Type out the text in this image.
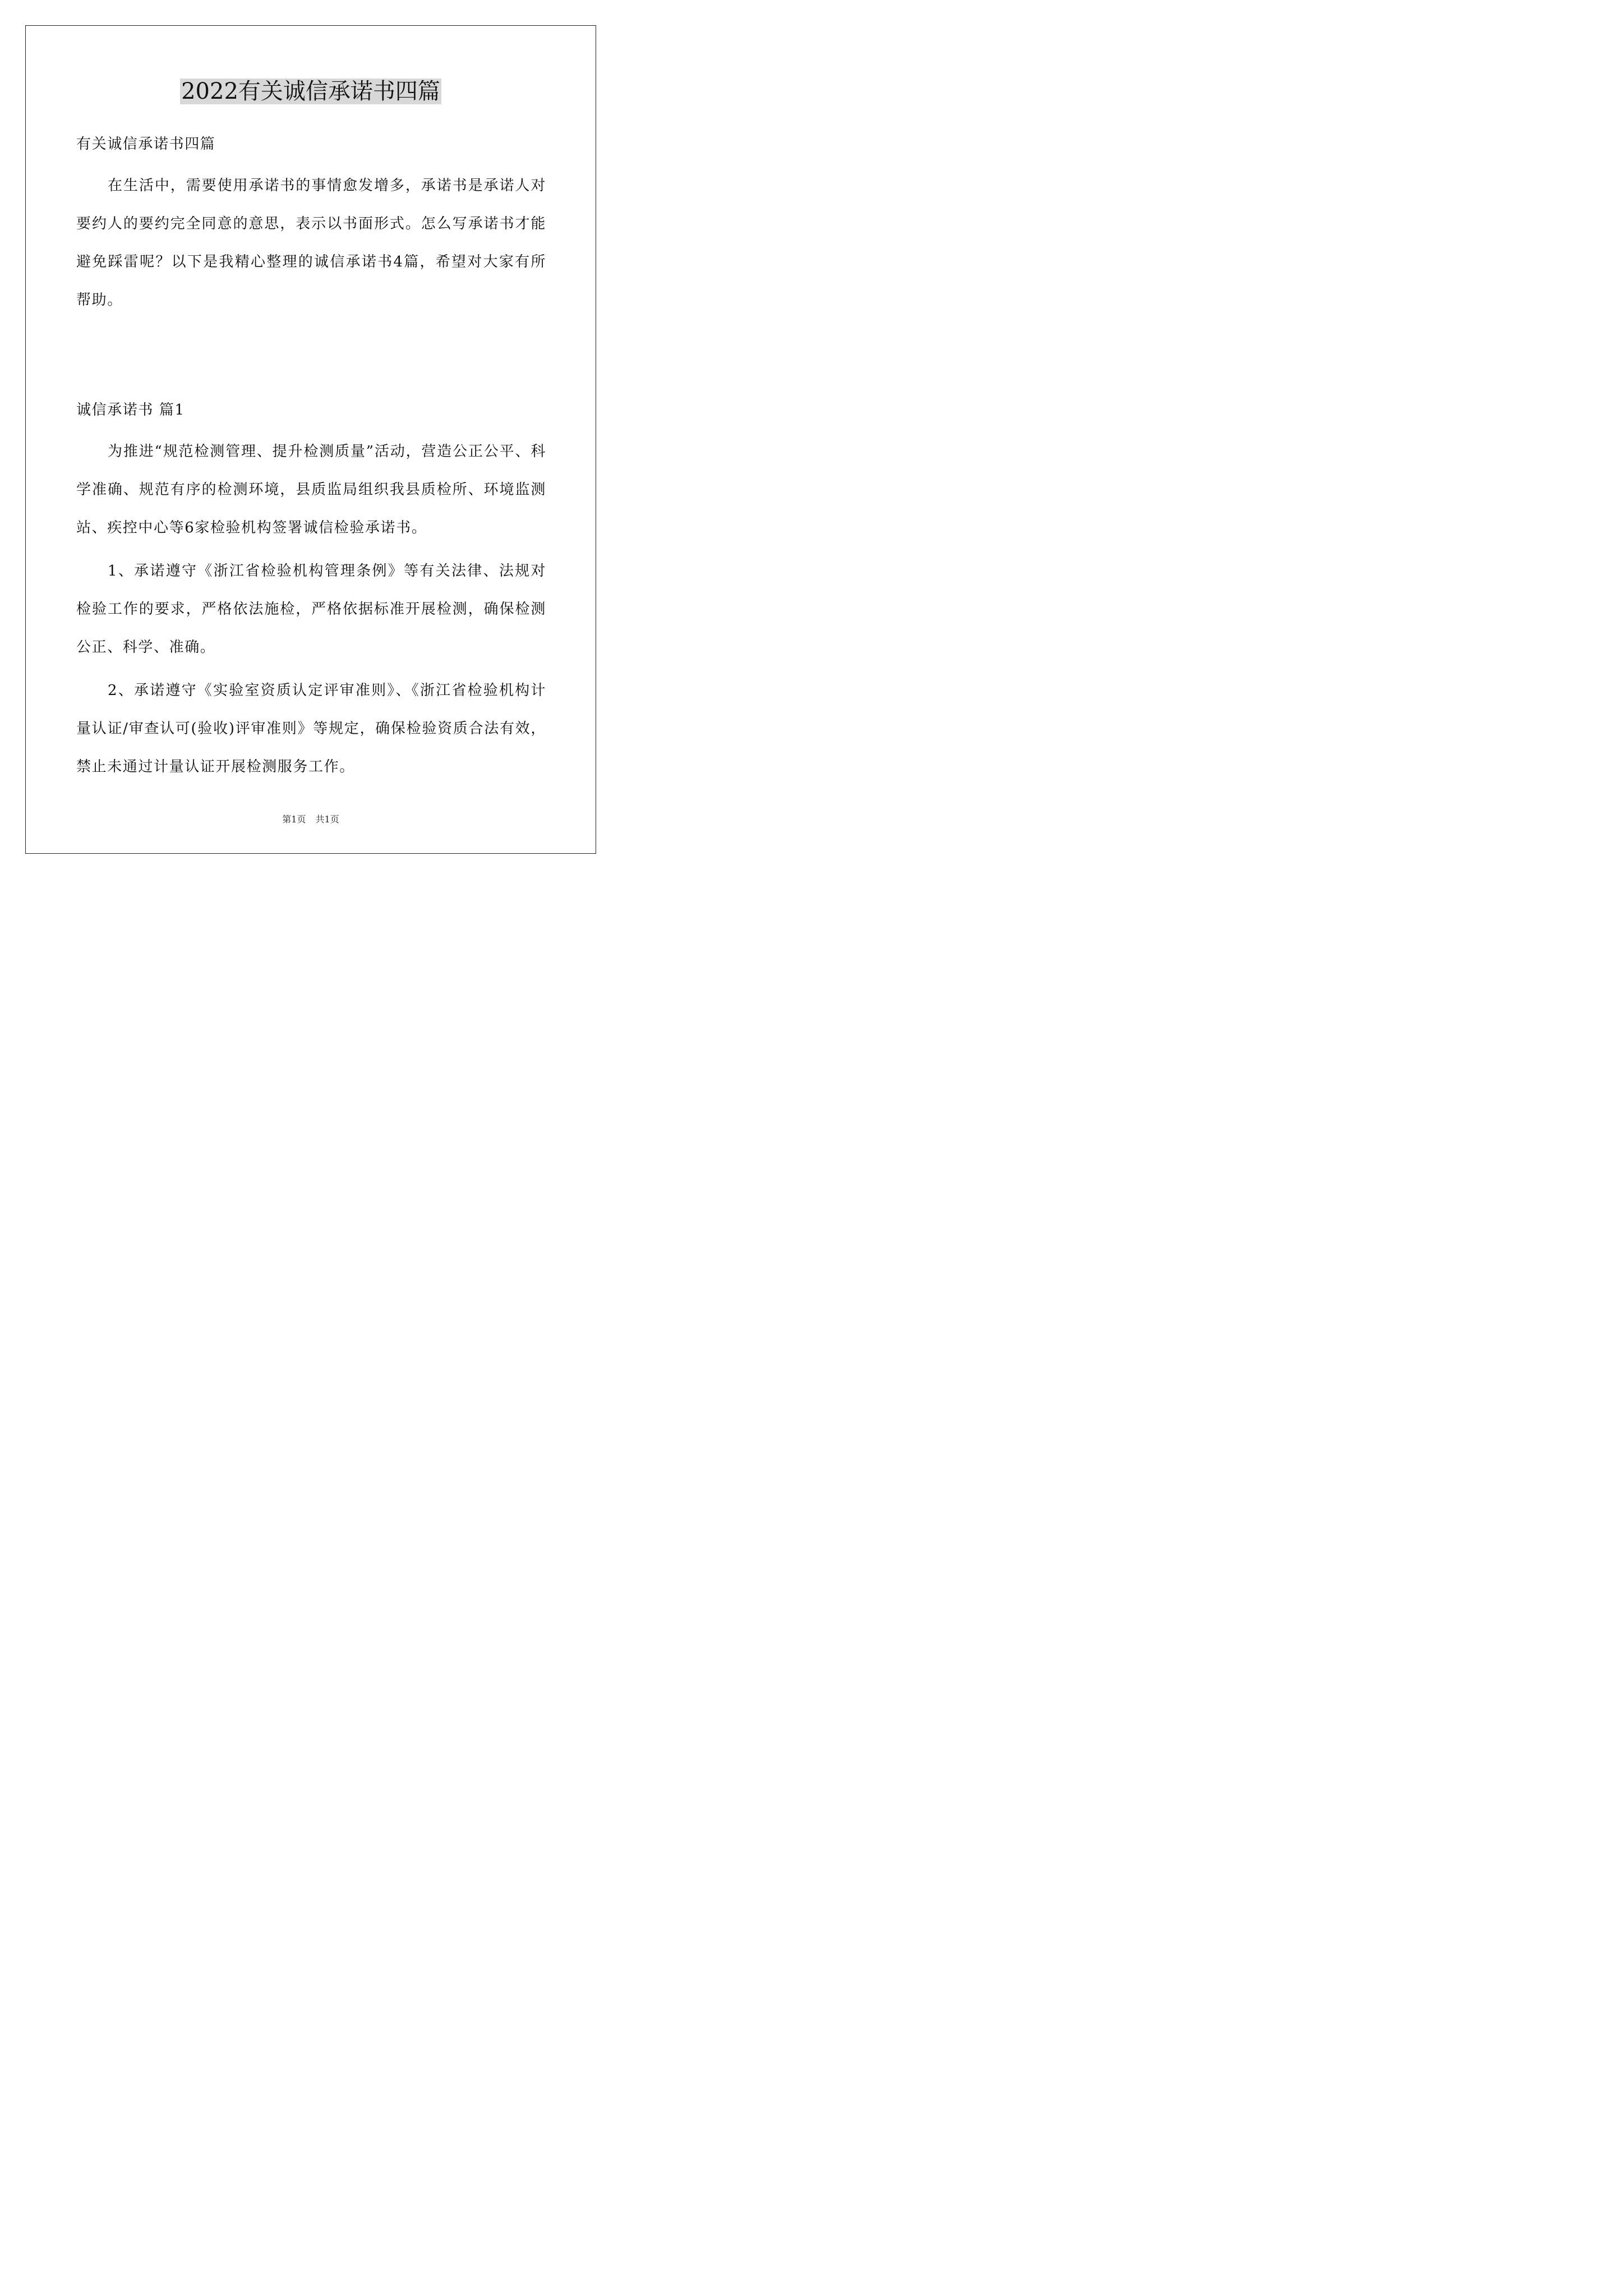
2022有关诚信承诺书四篇

有关诚信承诺书四篇

在生活中，需要使用承诺书的事情愈发增多，承诺书是承诺人对要约人的要约完全同意的意思，表示以书面形式。怎么写承诺书才能避免踩雷呢？以下是我精心整理的诚信承诺书4篇，希望对大家有所帮助。

诚信承诺书 篇1

为推进“规范检测管理、提升检测质量”活动，营造公正公平、科学准确、规范有序的检测环境，县质监局组织我县质检所、环境监测站、疾控中心等6家检验机构签署诚信检验承诺书。

1、承诺遵守《浙江省检验机构管理条例》等有关法律、法规对检验工作的要求，严格依法施检，严格依据标准开展检测，确保检测公正、科学、准确。

2、承诺遵守《实验室资质认定评审准则》、《浙江省检验机构计量认证/审查认可(验收)评审准则》等规定，确保检验资质合法有效，禁止未通过计量认证开展检测服务工作。

第1页 共1页
